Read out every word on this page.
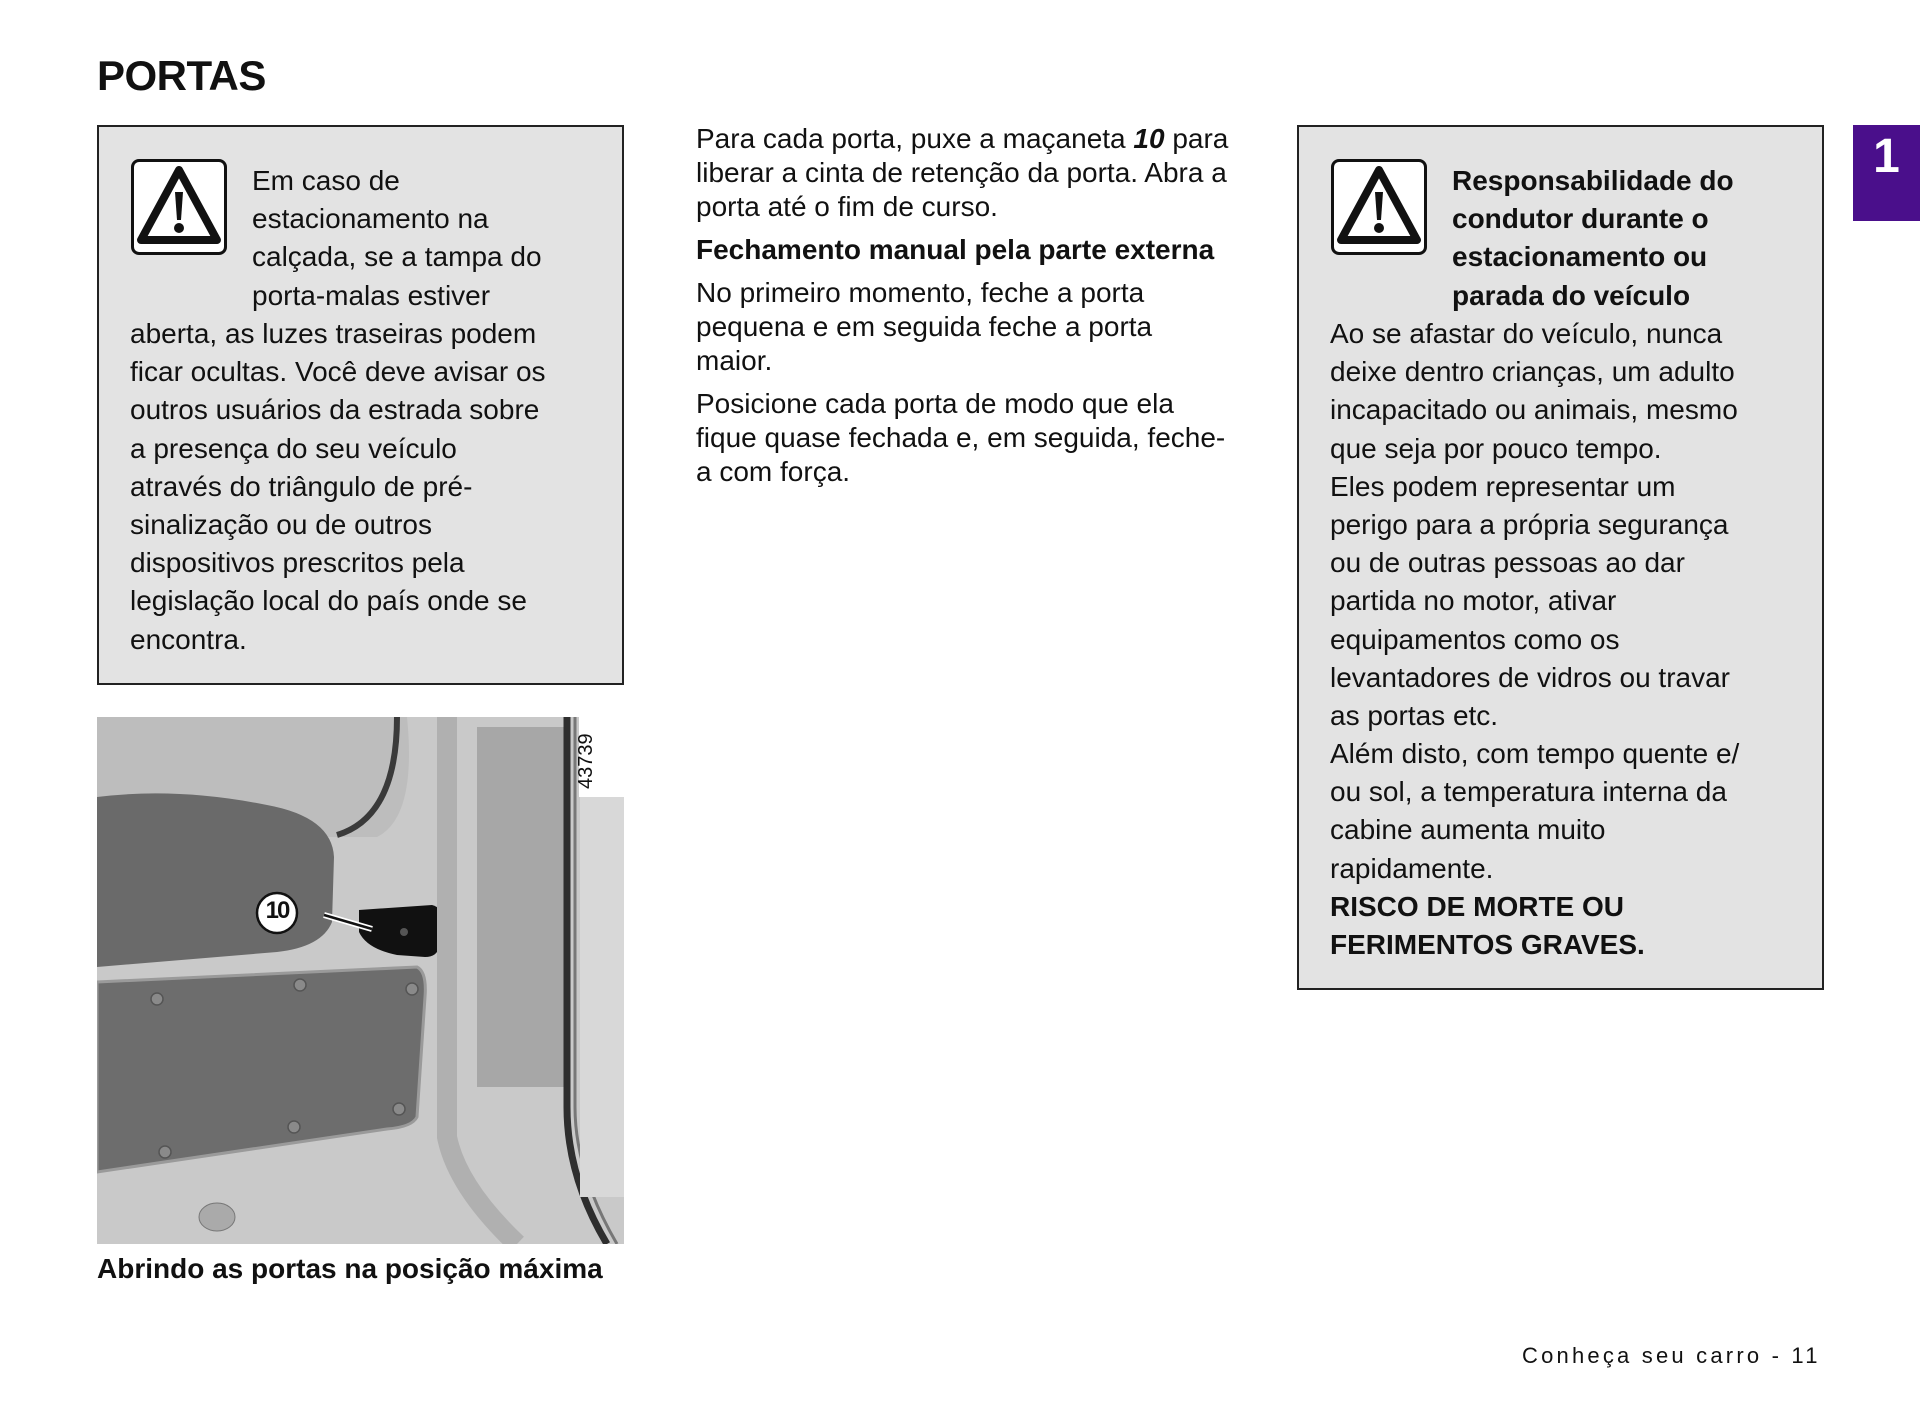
PORTAS
1
Em caso de
estacionamento na
calçada, se a tampa do
porta-malas estiver
aberta, as luzes traseiras podem
ficar ocultas. Você deve avisar os
outros usuários da estrada sobre
a presença do seu veículo
através do triângulo de pré-
sinalização ou de outros
dispositivos prescritos pela
legislação local do país onde se
encontra.

Para cada porta, puxe a maçaneta 10 para liberar a cinta de retenção da porta. Abra a porta até o fim de curso.

Fechamento manual pela parte externa

No primeiro momento, feche a porta pequena e em seguida feche a porta maior.

Posicione cada porta de modo que ela fique quase fechada e, em seguida, feche-a com força.

10
43739
Abrindo as portas na posição máxima
Responsabilidade do
condutor durante o
estacionamento ou
parada do veículo
Ao se afastar do veículo, nunca
deixe dentro crianças, um adulto
incapacitado ou animais, mesmo
que seja por pouco tempo.
Eles podem representar um
perigo para a própria segurança
ou de outras pessoas ao dar
partida no motor, ativar
equipamentos como os
levantadores de vidros ou travar
as portas etc.
Além disto, com tempo quente e/
ou sol, a temperatura interna da
cabine aumenta muito
rapidamente.
RISCO DE MORTE OU
FERIMENTOS GRAVES.
Conheça seu carro - 11
